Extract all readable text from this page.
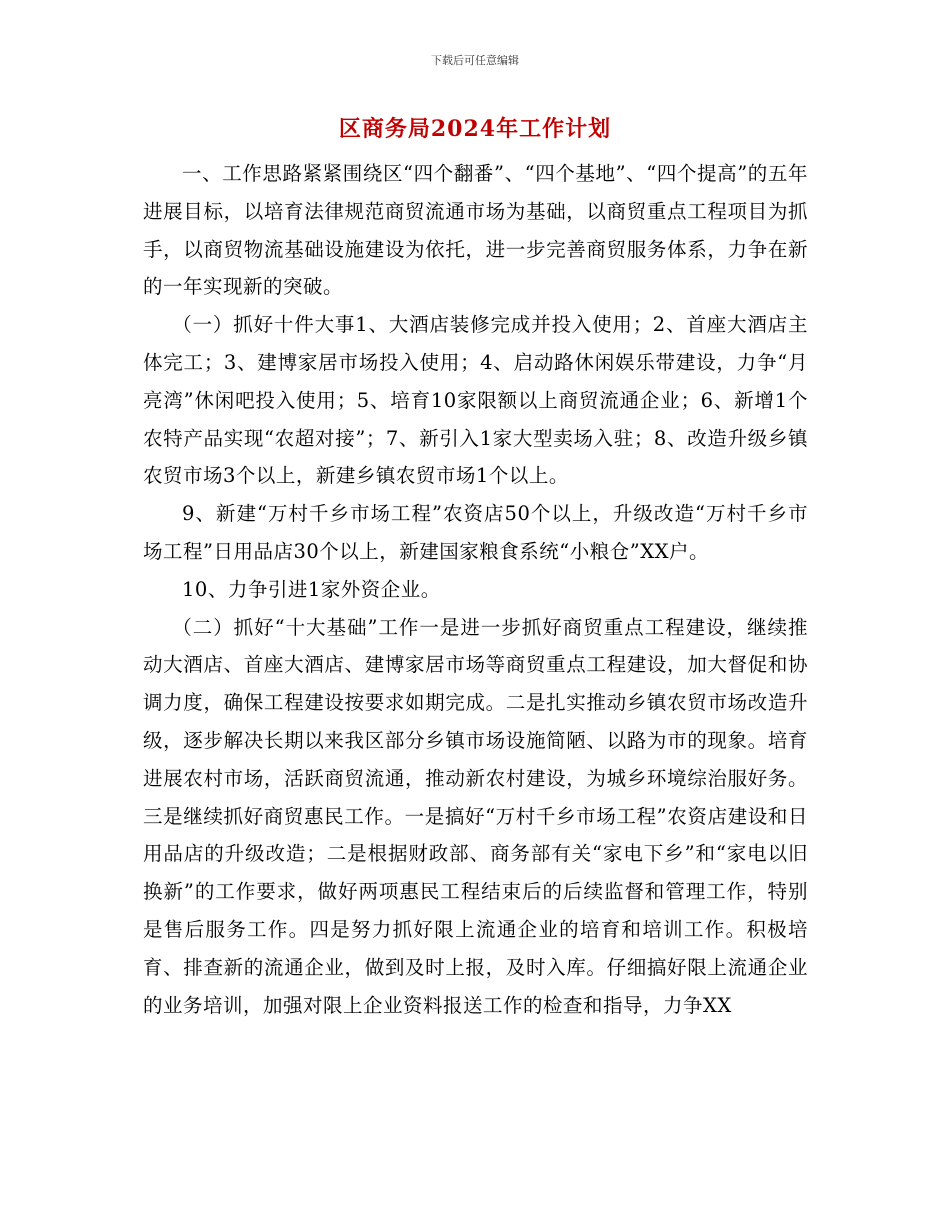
下载后可任意编辑
区商务局2024年工作计划

一、工作思路紧紧围绕区“四个翻番”、“四个基地”、“四个提高”的五年进展目标，以培育法律规范商贸流通市场为基础，以商贸重点工程项目为抓手，以商贸物流基础设施建设为依托，进一步完善商贸服务体系，力争在新的一年实现新的突破。

（一）抓好十件大事1、大酒店装修完成并投入使用；2、首座大酒店主体完工；3、建博家居市场投入使用；4、启动路休闲娱乐带建设，力争“月亮湾”休闲吧投入使用；5、培育10家限额以上商贸流通企业；6、新增1个农特产品实现“农超对接”；7、新引入1家大型卖场入驻；8、改造升级乡镇农贸市场3个以上，新建乡镇农贸市场1个以上。

9、新建“万村千乡市场工程”农资店50个以上，升级改造“万村千乡市场工程”日用品店30个以上，新建国家粮食系统“小粮仓”XX户。

10、力争引进1家外资企业。

（二）抓好“十大基础”工作一是进一步抓好商贸重点工程建设，继续推动大酒店、首座大酒店、建博家居市场等商贸重点工程建设，加大督促和协调力度，确保工程建设按要求如期完成。二是扎实推动乡镇农贸市场改造升级，逐步解决长期以来我区部分乡镇市场设施简陋、以路为市的现象。培育进展农村市场，活跃商贸流通，推动新农村建设，为城乡环境综治服好务。三是继续抓好商贸惠民工作。一是搞好“万村千乡市场工程”农资店建设和日用品店的升级改造；二是根据财政部、商务部有关“家电下乡”和“家电以旧换新”的工作要求，做好两项惠民工程结束后的后续监督和管理工作，特别是售后服务工作。四是努力抓好限上流通企业的培育和培训工作。积极培育、排查新的流通企业，做到及时上报，及时入库。仔细搞好限上流通企业的业务培训，加强对限上企业资料报送工作的检查和指导，力争XX
